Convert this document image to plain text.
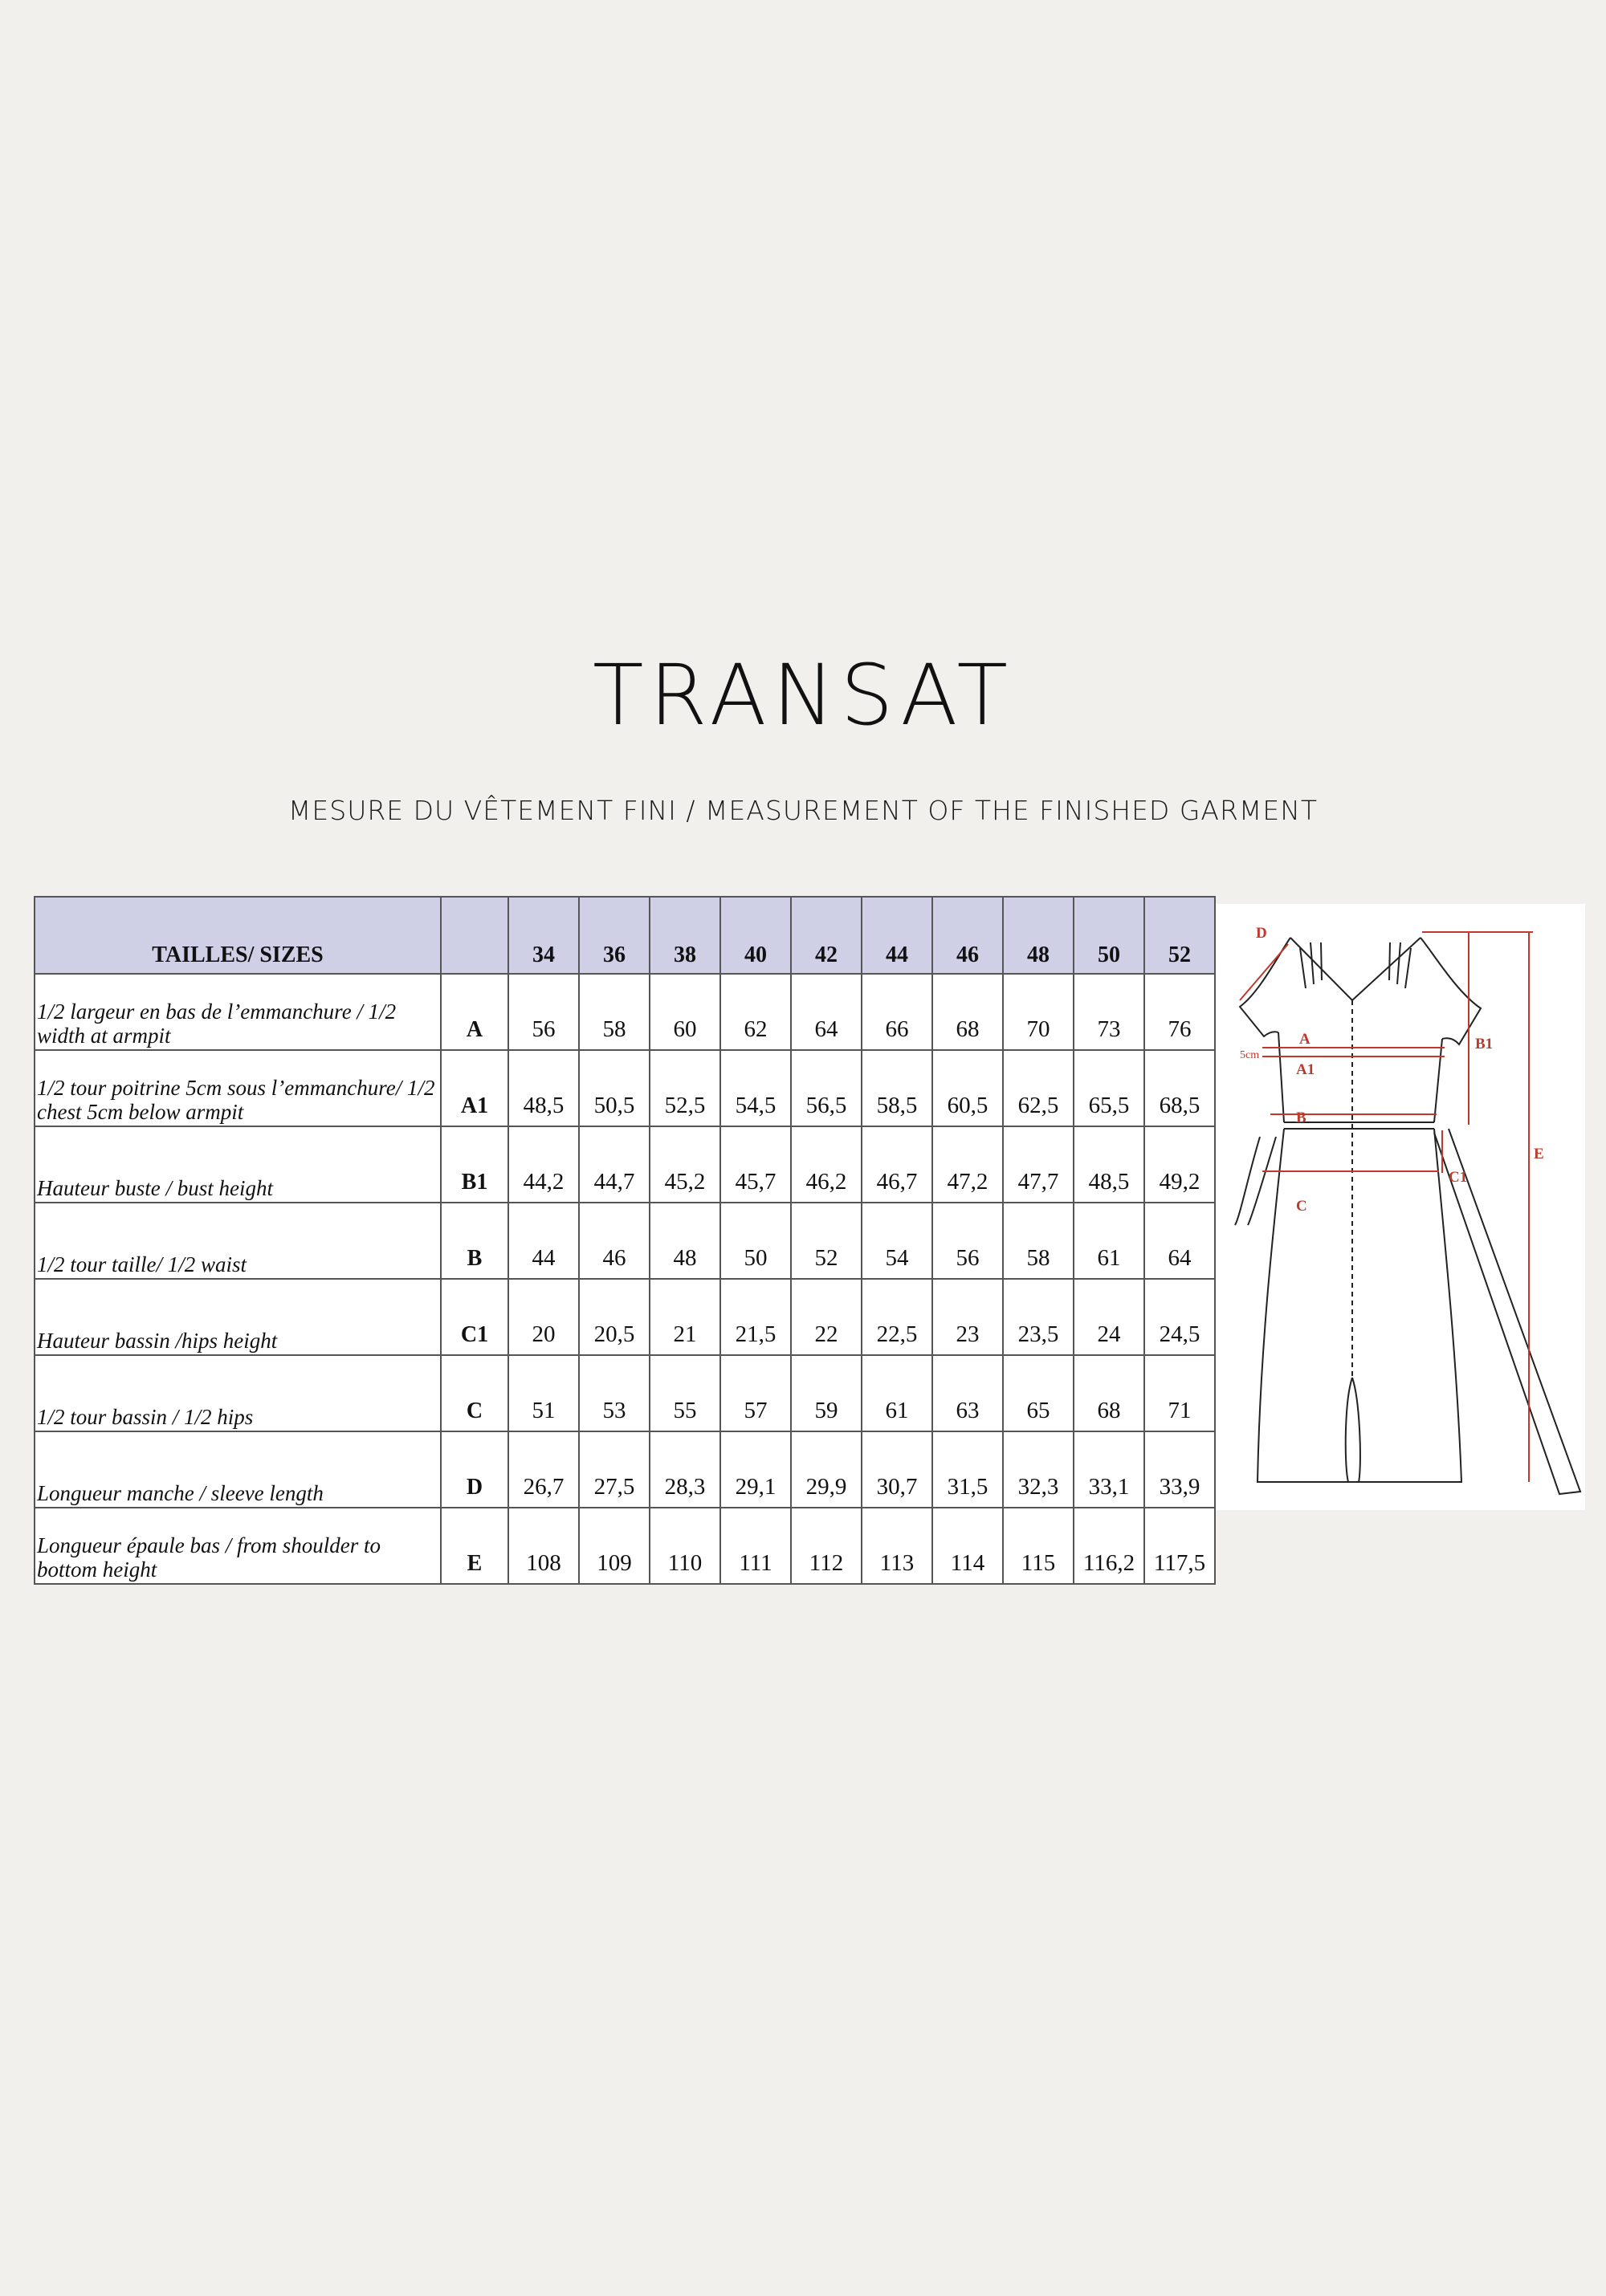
TRANSAT
MESURE DU VÊTEMENT FINI / MEASUREMENT OF THE FINISHED GARMENT
TAILLES/ SIZES		34	36	38	40	42	44	46	48	50	52
1/2 largeur en bas de l’emmanchure / 1/2 width at armpit	A	56	58	60	62	64	66	68	70	73	76
1/2 tour poitrine 5cm sous l’emmanchure/ 1/2 chest 5cm below armpit	A1	48,5	50,5	52,5	54,5	56,5	58,5	60,5	62,5	65,5	68,5
Hauteur buste / bust height	B1	44,2	44,7	45,2	45,7	46,2	46,7	47,2	47,7	48,5	49,2
1/2 tour taille/ 1/2 waist	B	44	46	48	50	52	54	56	58	61	64
Hauteur bassin /hips height	C1	20	20,5	21	21,5	22	22,5	23	23,5	24	24,5
1/2 tour bassin / 1/2 hips	C	51	53	55	57	59	61	63	65	68	71
Longueur manche / sleeve length	D	26,7	27,5	28,3	29,1	29,9	30,7	31,5	32,3	33,1	33,9
Longueur épaule bas / from shoulder to bottom height	E	108	109	110	111	112	113	114	115	116,2	117,5
D
A
5cm
A1
B
B1
C1
C
E
